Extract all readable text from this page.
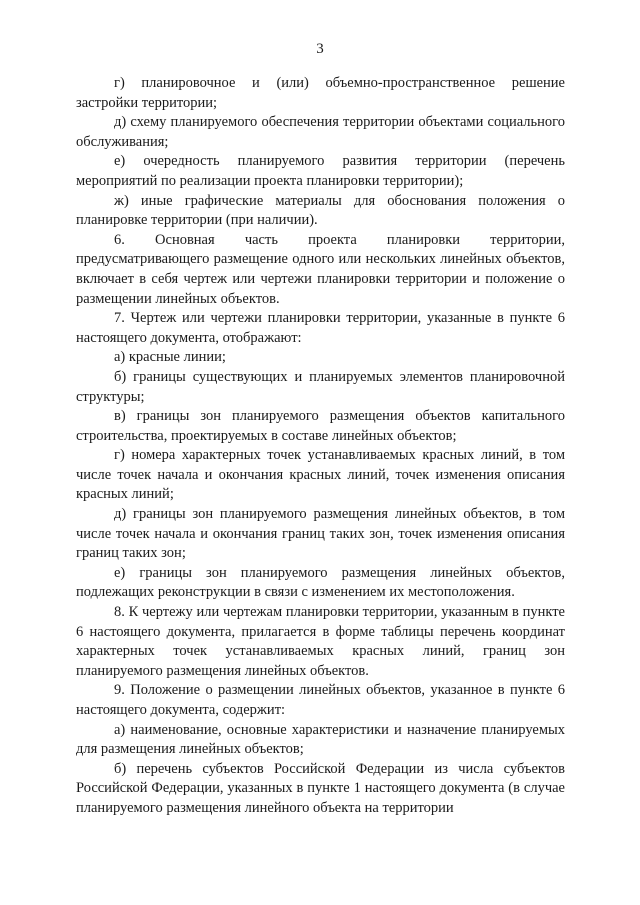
3

г) планировочное и (или) объемно-пространственное решение застройки территории;

д) схему планируемого обеспечения территории объектами социального обслуживания;

е) очередность планируемого развития территории (перечень мероприятий по реализации проекта планировки территории);

ж) иные графические материалы для обоснования положения о планировке территории (при наличии).

6. Основная часть проекта планировки территории, предусматривающего размещение одного или нескольких линейных объектов, включает в себя чертеж или чертежи планировки территории и положение о размещении линейных объектов.

7. Чертеж или чертежи планировки территории, указанные в пункте 6 настоящего документа, отображают:

а) красные линии;

б) границы существующих и планируемых элементов планировочной структуры;

в) границы зон планируемого размещения объектов капитального строительства, проектируемых в составе линейных объектов;

г) номера характерных точек устанавливаемых красных линий, в том числе точек начала и окончания красных линий, точек изменения описания красных линий;

д) границы зон планируемого размещения линейных объектов, в том числе точек начала и окончания границ таких зон, точек изменения описания границ таких зон;

е) границы зон планируемого размещения линейных объектов, подлежащих реконструкции в связи с изменением их местоположения.

8. К чертежу или чертежам планировки территории, указанным в пункте 6 настоящего документа, прилагается в форме таблицы перечень координат характерных точек устанавливаемых красных линий, границ зон планируемого размещения линейных объектов.

9. Положение о размещении линейных объектов, указанное в пункте 6 настоящего документа, содержит:

а) наименование, основные характеристики и назначение планируемых для размещения линейных объектов;

б) перечень субъектов Российской Федерации из числа субъектов Российской Федерации, указанных в пункте 1 настоящего документа (в случае планируемого размещения линейного объекта на территории
